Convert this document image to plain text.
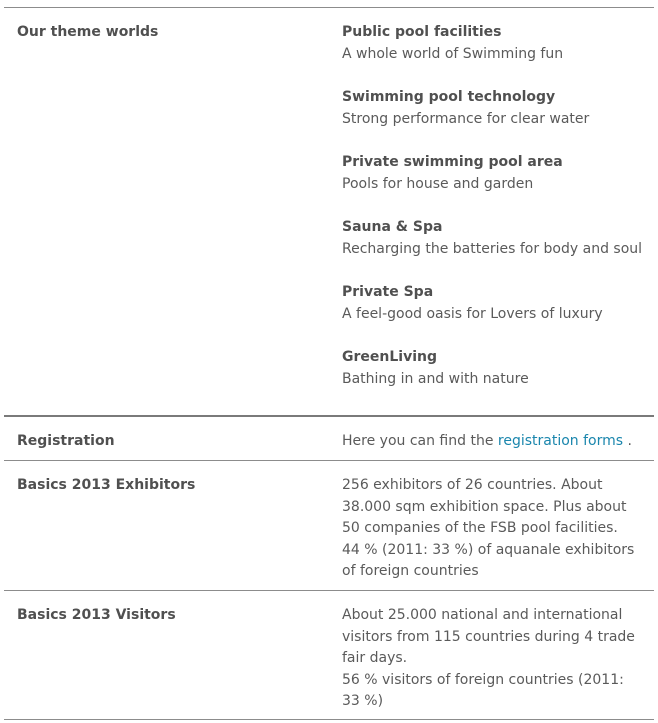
Our theme worlds	Public pool facilities
A whole world of Swimming fun
Swimming pool technology
Strong performance for clear water
Private swimming pool area
Pools for house and garden
Sauna & Spa
Recharging the batteries for body and soul
Private Spa
A feel-good oasis for Lovers of luxury
GreenLiving
Bathing in and with nature
Registration	Here you can find the registration forms .
Basics 2013 Exhibitors	256 exhibitors of 26 countries. About 38.000 sqm exhibition space. Plus about 50 companies of the FSB pool facilities.
44 % (2011: 33 %) of aquanale exhibitors of foreign countries
Basics 2013 Visitors	About 25.000 national and international visitors from 115 countries during 4 trade fair days.
56 % visitors of foreign countries (2011: 33 %)
